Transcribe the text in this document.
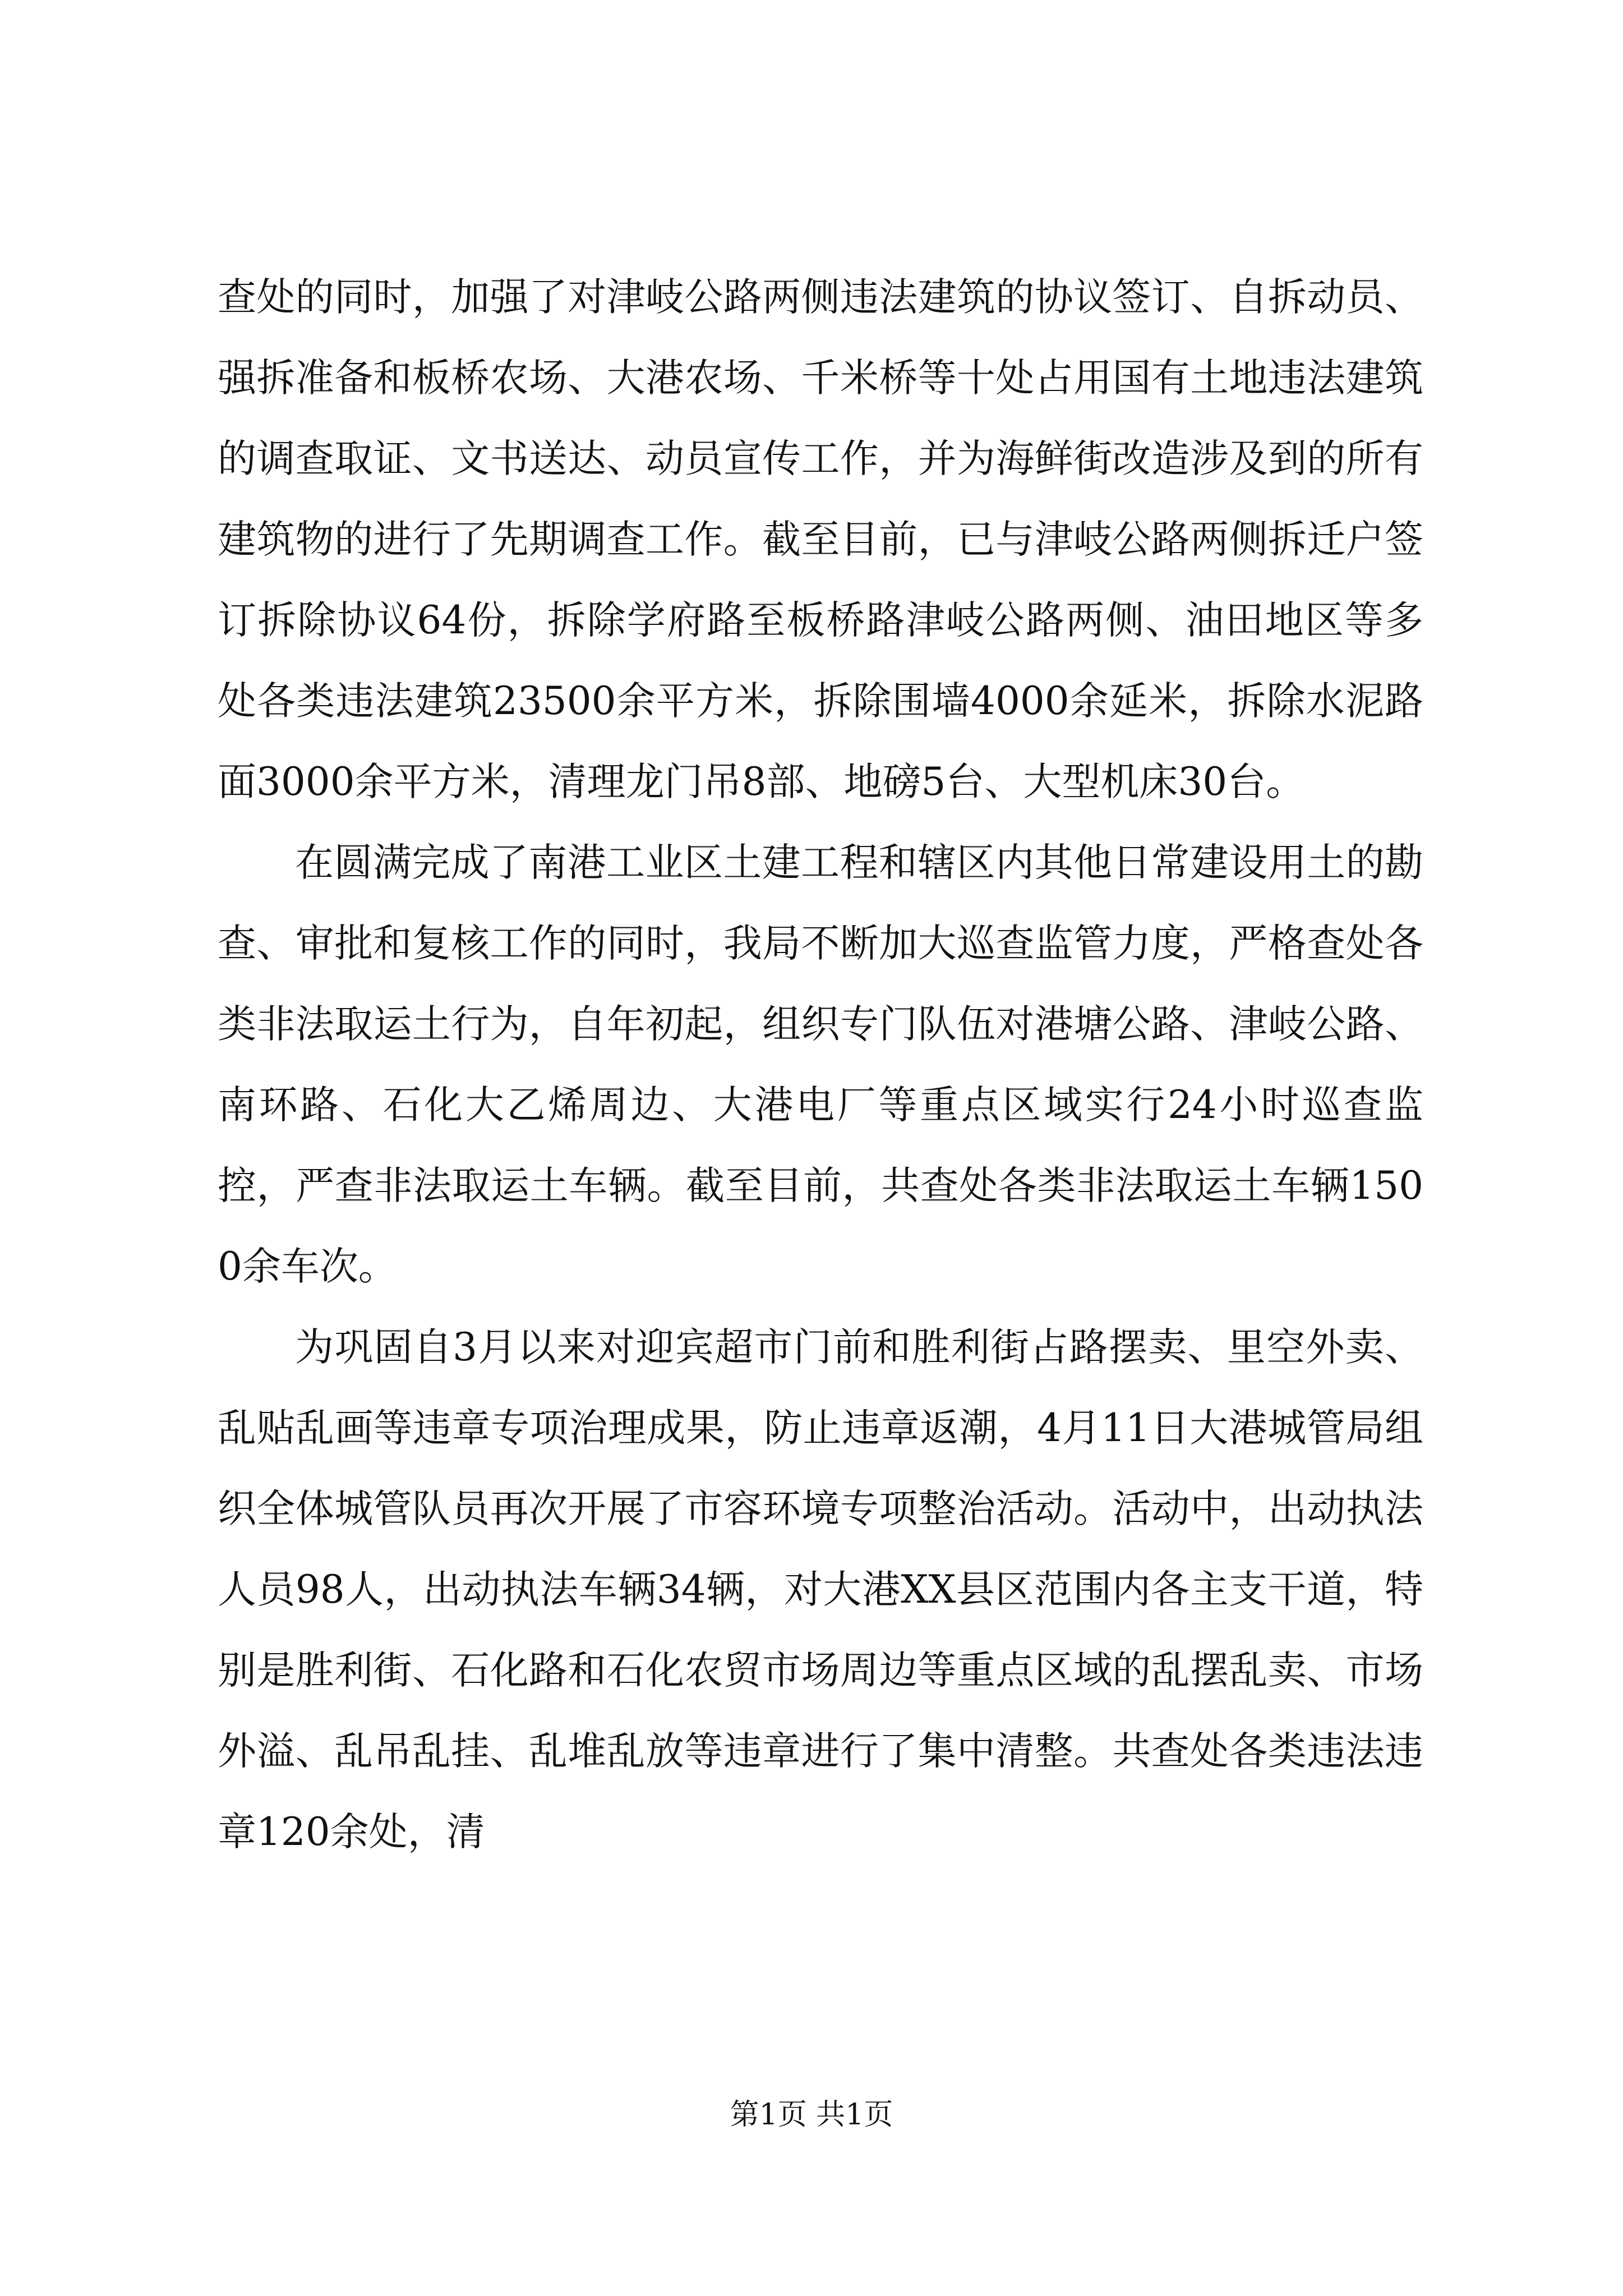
查处的同时，加强了对津岐公路两侧违法建筑的协议签订、自拆动员、强拆准备和板桥农场、大港农场、千米桥等十处占用国有土地违法建筑的调查取证、文书送达、动员宣传工作，并为海鲜街改造涉及到的所有建筑物的进行了先期调查工作。截至目前，已与津岐公路两侧拆迁户签订拆除协议64份，拆除学府路至板桥路津岐公路两侧、油田地区等多处各类违法建筑23500余平方米，拆除围墙4000余延米，拆除水泥路面3000余平方米，清理龙门吊8部、地磅5台、大型机床30台。

在圆满完成了南港工业区土建工程和辖区内其他日常建设用土的勘查、审批和复核工作的同时，我局不断加大巡查监管力度，严格查处各类非法取运土行为，自年初起，组织专门队伍对港塘公路、津岐公路、南环路、石化大乙烯周边、大港电厂等重点区域实行24小时巡查监控，严查非法取运土车辆。截至目前，共查处各类非法取运土车辆1500余车次。

为巩固自3月以来对迎宾超市门前和胜利街占路摆卖、里空外卖、乱贴乱画等违章专项治理成果，防止违章返潮，4月11日大港城管局组织全体城管队员再次开展了市容环境专项整治活动。活动中，出动执法人员98人，出动执法车辆34辆，对大港XX县区范围内各主支干道，特别是胜利街、石化路和石化农贸市场周边等重点区域的乱摆乱卖、市场外溢、乱吊乱挂、乱堆乱放等违章进行了集中清整。共查处各类违法违章120余处，清

第1页 共1页
